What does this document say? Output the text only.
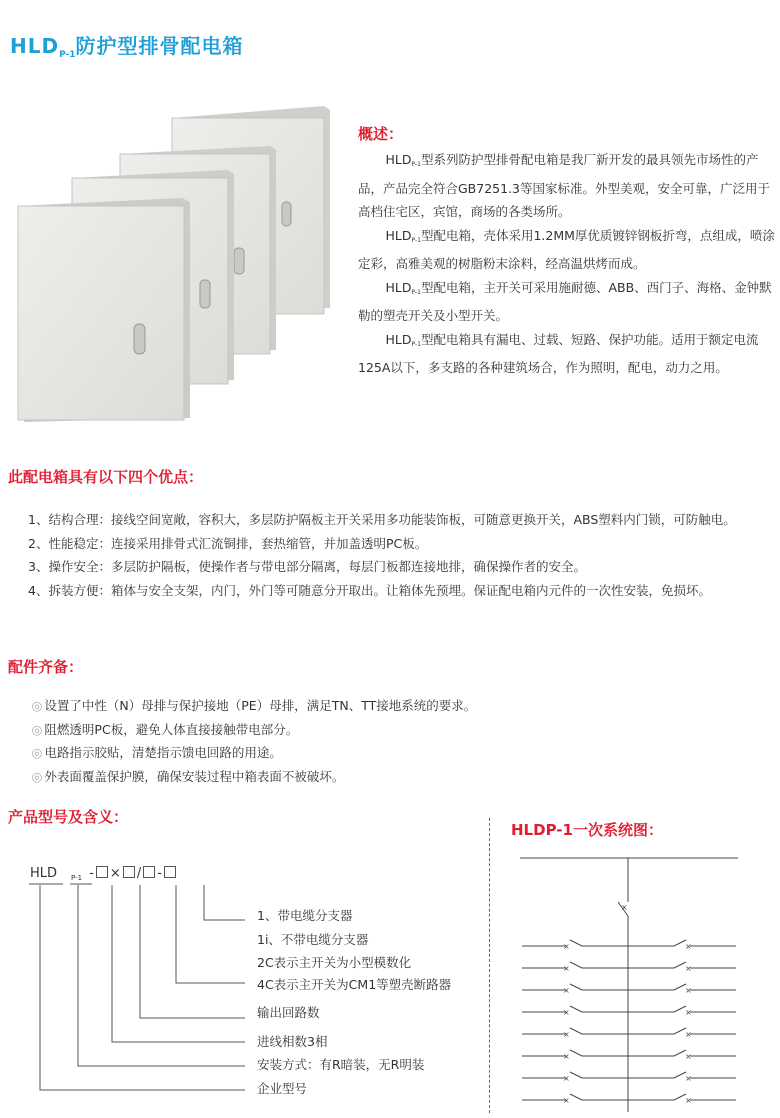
$HLD_{P-1}$防护型排骨配电箱
概述：

HLDP-1型系列防护型排骨配电箱是我厂新开发的最具领先市场性的产品，产品完全符合GB7251.3等国家标准。外型美观，安全可靠，广泛用于高档住宅区，宾馆，商场的各类场所。

HLDP-1型配电箱，壳体采用1.2MM厚优质镀锌钢板折弯，点组成，喷涂定彩，高雅美观的树脂粉末涂料，经高温烘烤而成。

HLDP-1型配电箱，主开关可采用施耐德、ABB、西门子、海格、金钟默勒的塑壳开关及小型开关。

HLDP-1型配电箱具有漏电、过载、短路、保护功能。适用于额定电流125A以下，多支路的各种建筑场合，作为照明，配电，动力之用。

此配电箱具有以下四个优点：

1、结构合理：接线空间宽敞，容积大，多层防护隔板主开关采用多功能装饰板，可随意更换开关，ABS塑料内门锁，可防触电。

2、性能稳定：连接采用排骨式汇流铜排，套热缩管，并加盖透明PC板。

3、操作安全：多层防护隔板，使操作者与带电部分隔离，每层门板都连接地排，确保操作者的安全。

4、拆装方便：箱体与安全支架，内门，外门等可随意分开取出。让箱体先预埋。保证配电箱内元件的一次性安装，免损坏。

配件齐备：

◎ 设置了中性（N）母排与保护接地（PE）母排，满足TN、TT接地系统的要求。

◎ 阻燃透明PC板，避免人体直接接触带电部分。

◎ 电路指示胶贴，清楚指示馈电回路的用途。

◎ 外表面覆盖保护膜，确保安装过程中箱表面不被破坏。

产品型号及含义：
HLD $_{P-1}$ - × / -
1、带电缆分支器
1i、不带电缆分支器
2C表示主开关为小型模数化
4C表示主开关为CM1等塑壳断路器
输出回路数
进线相数3相
安装方式：有R暗装，无R明装
企业型号
HLDP-1一次系统图：
×
×	×
×	×
×	×
×	×
×	×
×	×
×	×
×	×
